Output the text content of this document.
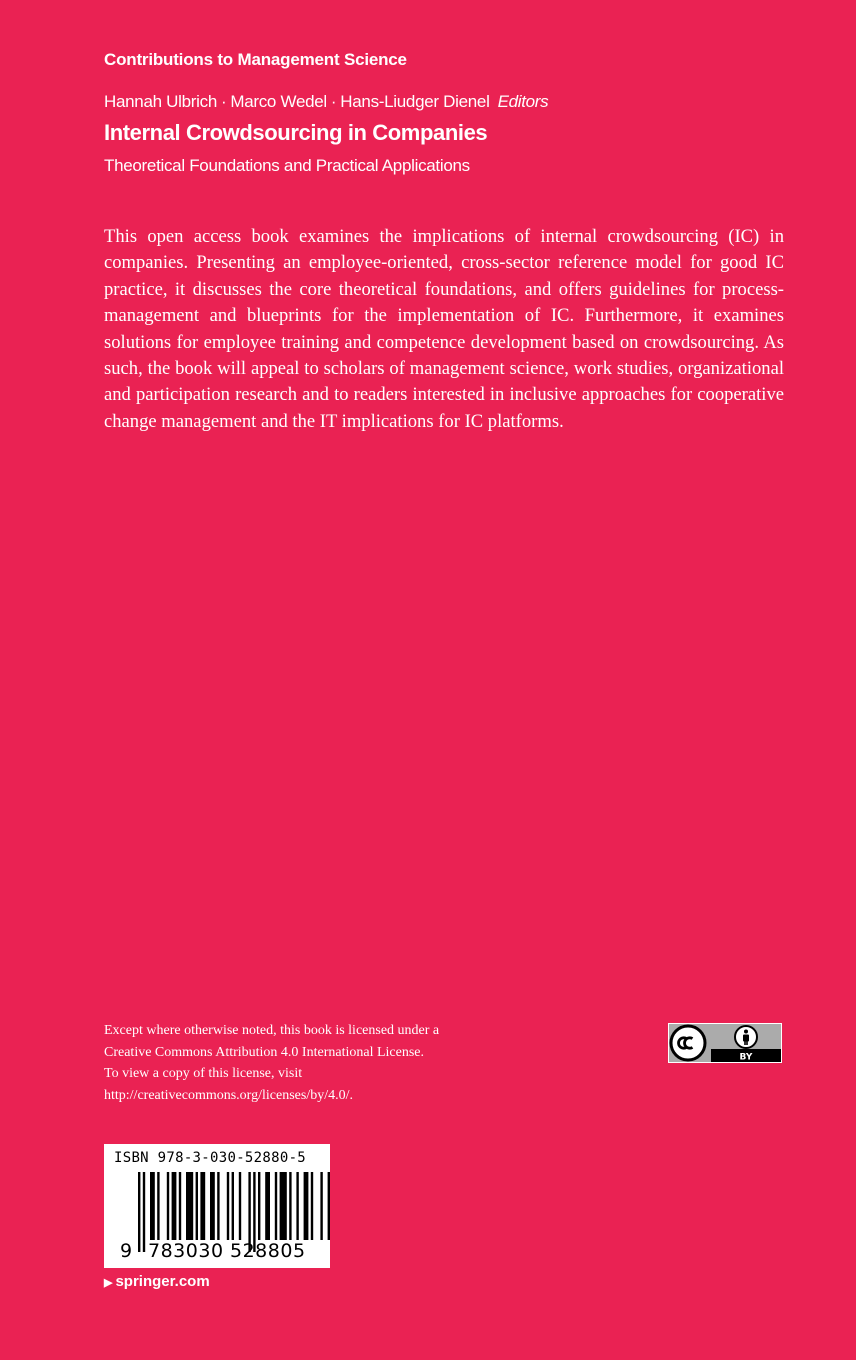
Contributions to Management Science
Hannah Ulbrich · Marco Wedel · Hans-Liudger Dienel Editors
Internal Crowdsourcing in Companies
Theoretical Foundations and Practical Applications

This open access book examines the implications of internal crowdsourcing (IC) in companies. Presenting an employee-oriented, cross-sector reference model for good IC practice, it discusses the core theoretical foundations, and offers guidelines for process-management and blueprints for the implementation of IC. Furthermore, it examines solutions for employee training and competence development based on crowdsourcing. As such, the book will appeal to scholars of management science, work studies, organizational and participation research and to readers interested in inclusive approaches for cooperative change management and the IT implications for IC platforms.

Except where otherwise noted, this book is licensed under a
Creative Commons Attribution 4.0 International License.
To view a copy of this license, visit
http://creativecommons.org/licenses/by/4.0/.
BY
ISBN 978-3-030-52880-5
9 783030 528805
▶ springer.com
